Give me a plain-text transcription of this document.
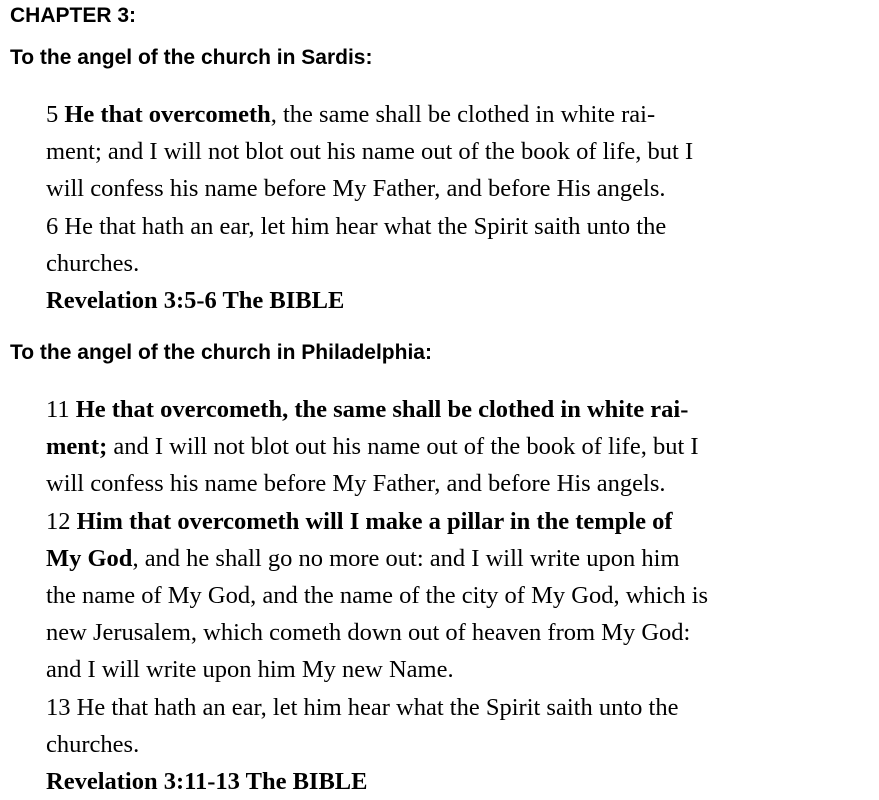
CHAPTER 3:
To the angel of the church in Sardis:
5 He that overcometh, the same shall be clothed in white rai-
ment; and I will not blot out his name out of the book of life, but I
will confess his name before My Father, and before His angels.
6 He that hath an ear, let him hear what the Spirit saith unto the
churches.
Revelation 3:5-6 The BIBLE
To the angel of the church in Philadelphia:
11 He that overcometh, the same shall be clothed in white rai-
ment; and I will not blot out his name out of the book of life, but I
will confess his name before My Father, and before His angels.
12 Him that overcometh will I make a pillar in the temple of
My God, and he shall go no more out: and I will write upon him
the name of My God, and the name of the city of My God, which is
new Jerusalem, which cometh down out of heaven from My God:
and I will write upon him My new Name.
13 He that hath an ear, let him hear what the Spirit saith unto the
churches.
Revelation 3:11-13 The BIBLE
